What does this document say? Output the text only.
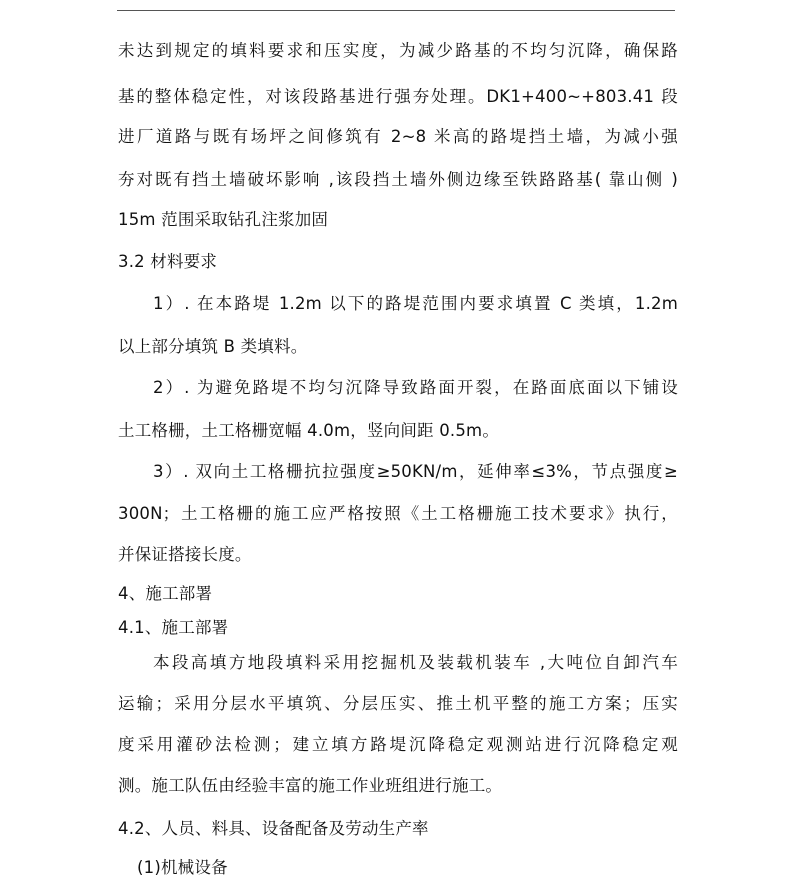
未达到规定的填料要求和压实度，为减少路基的不均匀沉降，确保路
基的整体稳定性，对该段路基进行强夯处理。DK1+400~+803.41 段
进厂道路与既有场坪之间修筑有 2~8 米高的路堤挡土墙，为减小强
夯对既有挡土墙破坏影响 ,该段挡土墙外侧边缘至铁路路基( 靠山侧 )
15m 范围采取钻孔注浆加固
3.2 材料要求
1）. 在本路堤 1.2m 以下的路堤范围内要求填置 C 类填，1.2m
以上部分填筑 B 类填料。
2）. 为避免路堤不均匀沉降导致路面开裂，在路面底面以下铺设
土工格栅，土工格栅宽幅 4.0m，竖向间距 0.5m。
3）. 双向土工格栅抗拉强度≥50KN/m，延伸率≤3%，节点强度≥
300N；土工格栅的施工应严格按照《土工格栅施工技术要求》执行，
并保证搭接长度。
4、施工部署
4.1、施工部署
本段高填方地段填料采用挖掘机及装载机装车 ,大吨位自卸汽车
运输；采用分层水平填筑、分层压实、推土机平整的施工方案；压实
度采用灌砂法检测；建立填方路堤沉降稳定观测站进行沉降稳定观
测。施工队伍由经验丰富的施工作业班组进行施工。
4.2、人员、料具、设备配备及劳动生产率
(1)机械设备
